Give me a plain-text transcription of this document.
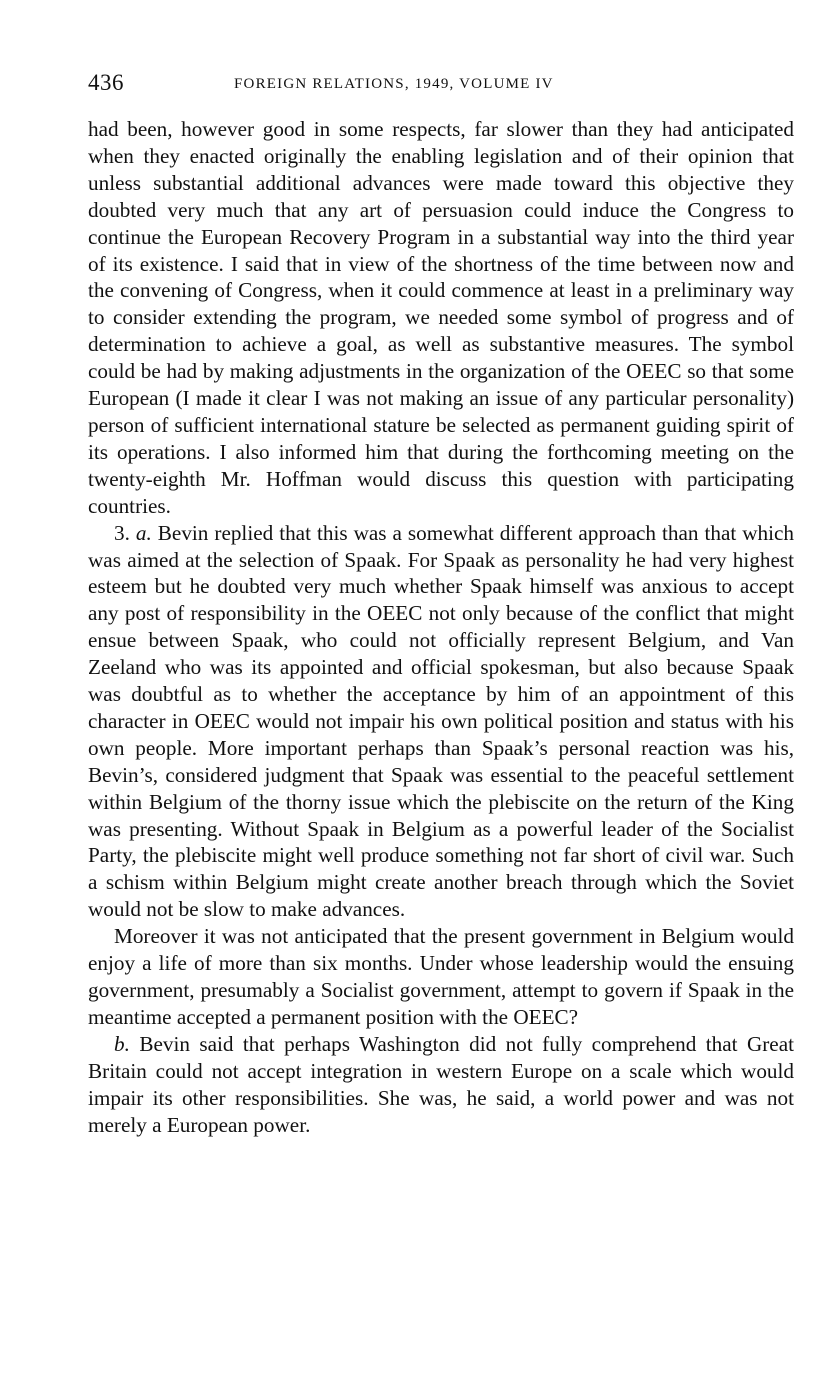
436	FOREIGN RELATIONS, 1949, VOLUME IV

had been, however good in some respects, far slower than they had anticipated when they enacted originally the enabling legislation and of their opinion that unless substantial additional advances were made toward this objective they doubted very much that any art of persuasion could induce the Congress to continue the European Recovery Program in a substantial way into the third year of its existence. I said that in view of the shortness of the time between now and the convening of Congress, when it could commence at least in a preliminary way to consider extending the program, we needed some symbol of progress and of determination to achieve a goal, as well as substantive measures. The symbol could be had by making adjustments in the organization of the OEEC so that some European (I made it clear I was not making an issue of any particular personality) person of sufficient international stature be selected as permanent guiding spirit of its operations. I also informed him that during the forthcoming meeting on the twenty-eighth Mr. Hoffman would discuss this question with participating countries.

3. a. Bevin replied that this was a somewhat different approach than that which was aimed at the selection of Spaak. For Spaak as personality he had very highest esteem but he doubted very much whether Spaak himself was anxious to accept any post of responsibility in the OEEC not only because of the conflict that might ensue between Spaak, who could not officially represent Belgium, and Van Zeeland who was its appointed and official spokesman, but also because Spaak was doubtful as to whether the acceptance by him of an appointment of this character in OEEC would not impair his own political position and status with his own people. More important perhaps than Spaak’s personal reaction was his, Bevin’s, considered judgment that Spaak was essential to the peaceful settlement within Belgium of the thorny issue which the plebiscite on the return of the King was presenting. Without Spaak in Belgium as a powerful leader of the Socialist Party, the plebiscite might well produce something not far short of civil war. Such a schism within Belgium might create another breach through which the Soviet would not be slow to make advances.

Moreover it was not anticipated that the present government in Belgium would enjoy a life of more than six months. Under whose leadership would the ensuing government, presumably a Socialist government, attempt to govern if Spaak in the meantime accepted a permanent position with the OEEC?

b. Bevin said that perhaps Washington did not fully comprehend that Great Britain could not accept integration in western Europe on a scale which would impair its other responsibilities. She was, he said, a world power and was not merely a European power.
